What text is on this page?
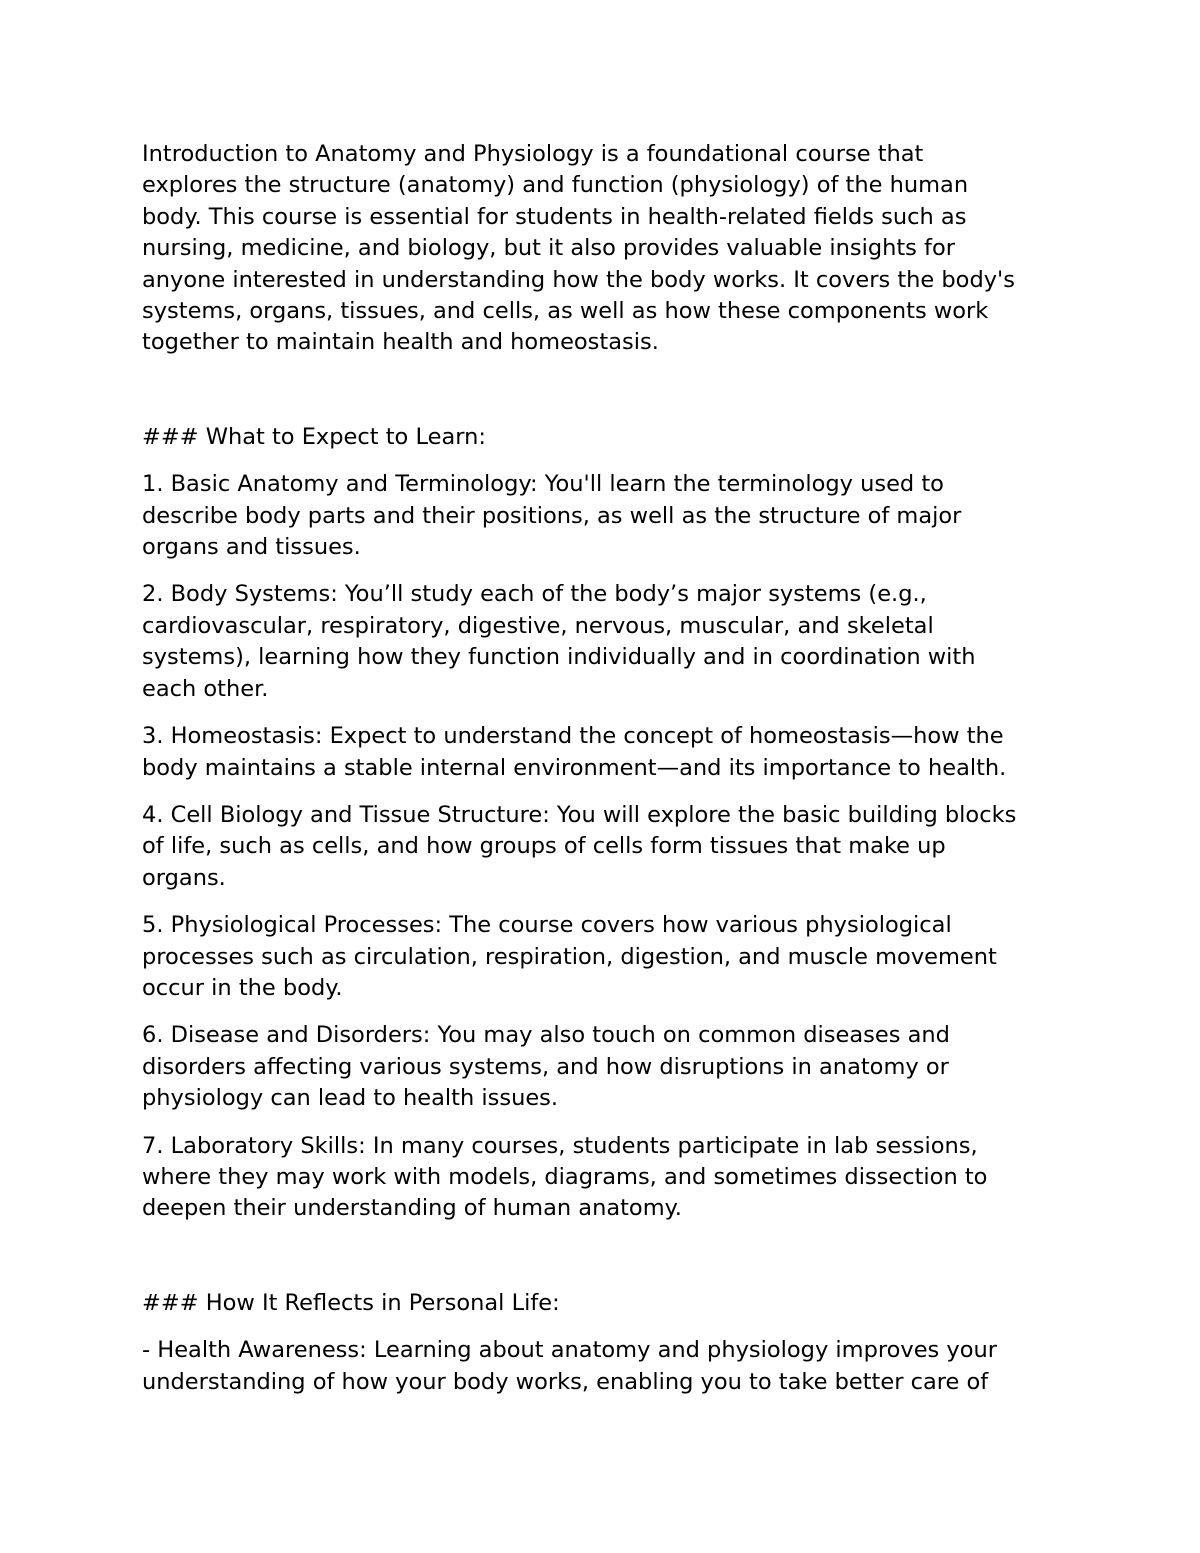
Introduction to Anatomy and Physiology is a foundational course that
explores the structure (anatomy) and function (physiology) of the human
body. This course is essential for students in health-related fields such as
nursing, medicine, and biology, but it also provides valuable insights for
anyone interested in understanding how the body works. It covers the body's
systems, organs, tissues, and cells, as well as how these components work
together to maintain health and homeostasis.

### What to Expect to Learn:

1. Basic Anatomy and Terminology: You'll learn the terminology used to
describe body parts and their positions, as well as the structure of major
organs and tissues.

2. Body Systems: You’ll study each of the body’s major systems (e.g.,
cardiovascular, respiratory, digestive, nervous, muscular, and skeletal
systems), learning how they function individually and in coordination with
each other.

3. Homeostasis: Expect to understand the concept of homeostasis—how the
body maintains a stable internal environment—and its importance to health.

4. Cell Biology and Tissue Structure: You will explore the basic building blocks
of life, such as cells, and how groups of cells form tissues that make up
organs.

5. Physiological Processes: The course covers how various physiological
processes such as circulation, respiration, digestion, and muscle movement
occur in the body.

6. Disease and Disorders: You may also touch on common diseases and
disorders affecting various systems, and how disruptions in anatomy or
physiology can lead to health issues.

7. Laboratory Skills: In many courses, students participate in lab sessions,
where they may work with models, diagrams, and sometimes dissection to
deepen their understanding of human anatomy.

### How It Reflects in Personal Life:

- Health Awareness: Learning about anatomy and physiology improves your
understanding of how your body works, enabling you to take better care of
